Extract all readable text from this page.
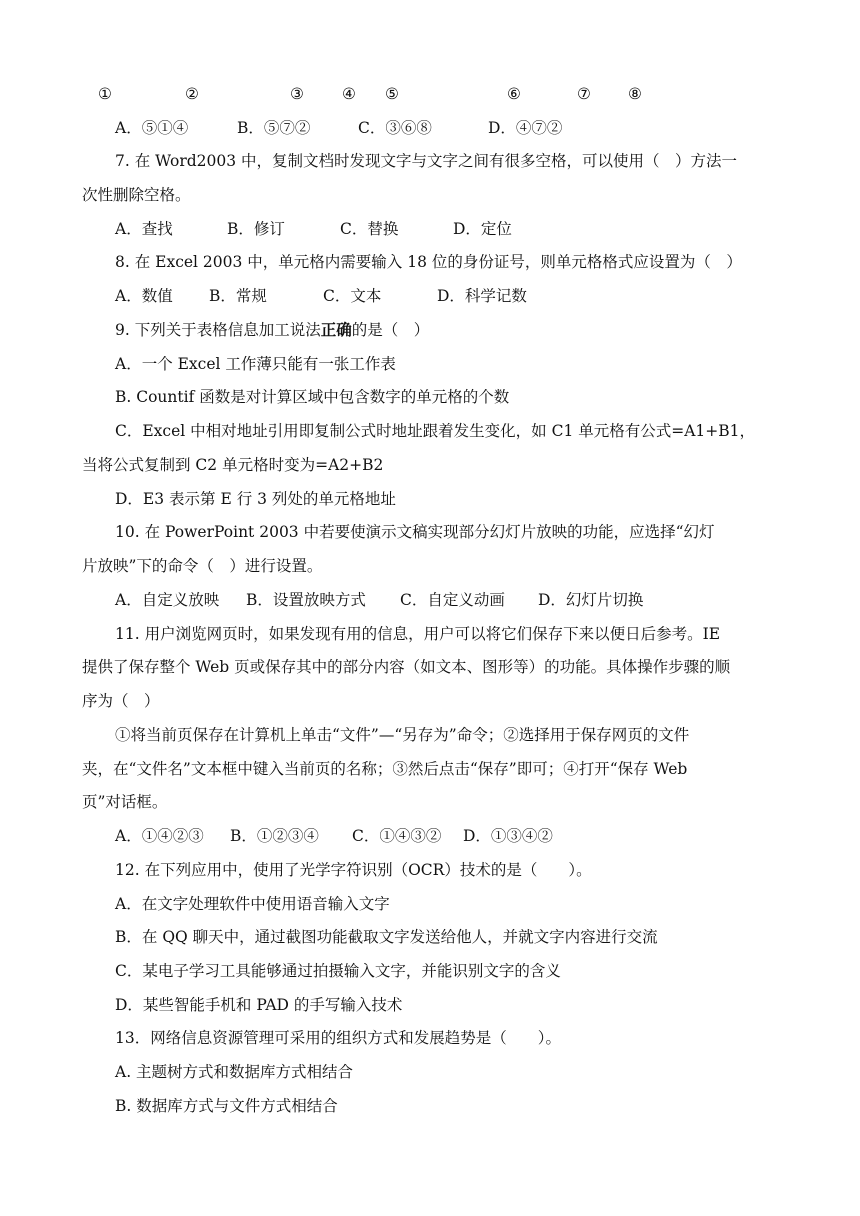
①	②	③ ④ ⑤	⑥	⑦ ⑧
A．⑤①④	B．⑤⑦②	C．③⑥⑧	D．④⑦②
7. 在 Word2003 中，复制文档时发现文字与文字之间有很多空格，可以使用（　）方法一
次性删除空格。
A．查找	B．修订	C．替换	D．定位
8. 在 Excel 2003 中，单元格内需要输入 18 位的身份证号，则单元格格式应设置为（　）
A．数值 B．常规	C．文本	D．科学记数
9. 下列关于表格信息加工说法正确的是（　）
A．一个 Excel 工作薄只能有一张工作表
B. Countif 函数是对计算区域中包含数字的单元格的个数
C．Excel 中相对地址引用即复制公式时地址跟着发生变化，如 C1 单元格有公式=A1+B1，
当将公式复制到 C2 单元格时变为=A2+B2
D．E3 表示第 E 行 3 列处的单元格地址
10. 在 PowerPoint 2003 中若要使演示文稿实现部分幻灯片放映的功能，应选择“幻灯
片放映”下的命令（　）进行设置。
A．自定义放映 B．设置放映方式 C．自定义动画 D．幻灯片切换
11. 用户浏览网页时，如果发现有用的信息，用户可以将它们保存下来以便日后参考。IE
提供了保存整个 Web 页或保存其中的部分内容（如文本、图形等）的功能。具体操作步骤的顺
序为（　）
①将当前页保存在计算机上单击“文件”—“另存为”命令；②选择用于保存网页的文件
夹，在“文件名”文本框中键入当前页的名称；③然后点击“保存”即可；④打开“保存 Web
页”对话框。
A．①④②③ B．①②③④ C．①④③② D．①③④②
12. 在下列应用中，使用了光学字符识别（OCR）技术的是（　　）。
A．在文字处理软件中使用语音输入文字
B．在 QQ 聊天中，通过截图功能截取文字发送给他人，并就文字内容进行交流
C．某电子学习工具能够通过拍摄输入文字，并能识别文字的含义
D．某些智能手机和 PAD 的手写输入技术
13．网络信息资源管理可采用的组织方式和发展趋势是（　　）。
A. 主题树方式和数据库方式相结合
B. 数据库方式与文件方式相结合
